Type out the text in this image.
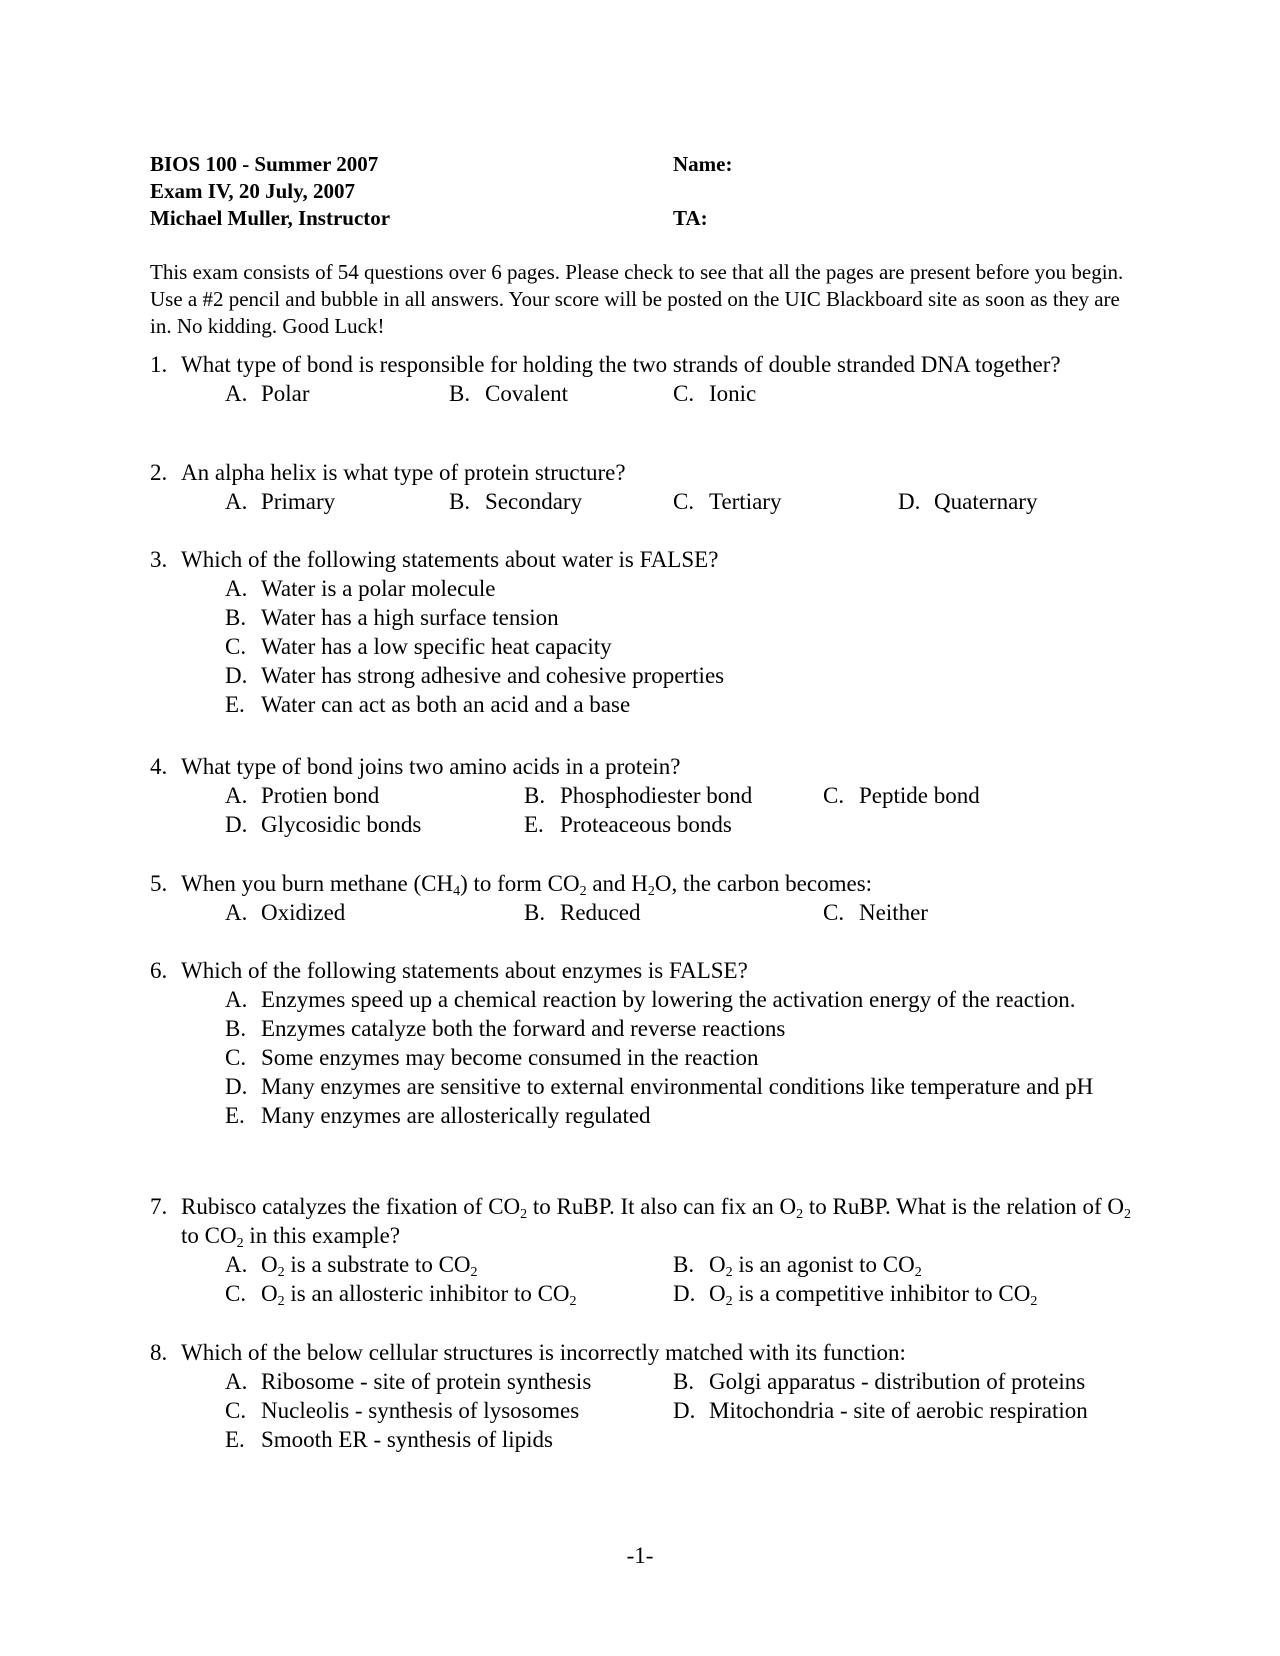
BIOS 100 - Summer 2007
Exam IV, 20 July, 2007
Michael Muller, Instructor
Name:
TA:
This exam consists of 54 questions over 6 pages. Please check to see that all the pages are present before you begin. Use a #2 pencil and bubble in all answers. Your score will be posted on the UIC Blackboard site as soon as they are in. No kidding. Good Luck!
1. What type of bond is responsible for holding the two strands of double stranded DNA together?
A. Polar	B. Covalent	C. Ionic
2. An alpha helix is what type of protein structure?
A. Primary	B. Secondary	C. Tertiary	D. Quaternary
3. Which of the following statements about water is FALSE?
A. Water is a polar molecule
B. Water has a high surface tension
C. Water has a low specific heat capacity
D. Water has strong adhesive and cohesive properties
E. Water can act as both an acid and a base
4. What type of bond joins two amino acids in a protein?
A. Protien bond	B. Phosphodiester bond	C. Peptide bond
D. Glycosidic bonds	E. Proteaceous bonds
5. When you burn methane $(CH_4)$ to form $CO_2$ and $H_2O$, the carbon becomes:
A. Oxidized	B. Reduced	C. Neither
6. Which of the following statements about enzymes is FALSE?
A. Enzymes speed up a chemical reaction by lowering the activation energy of the reaction.
B. Enzymes catalyze both the forward and reverse reactions
C. Some enzymes may become consumed in the reaction
D. Many enzymes are sensitive to external environmental conditions like temperature and pH
E. Many enzymes are allosterically regulated
7. Rubisco catalyzes the fixation of $CO_2$ to RuBP. It also can fix an $O_2$ to RuBP. What is the relation of $O_2$ to $CO_2$ in this example?
A. $O_2$ is a substrate to $CO_2$	B. $O_2$ is an agonist to $CO_2$
C. $O_2$ is an allosteric inhibitor to $CO_2$	D. $O_2$ is a competitive inhibitor to $CO_2$
8. Which of the below cellular structures is incorrectly matched with its function:
A. Ribosome - site of protein synthesis	B. Golgi apparatus - distribution of proteins
C. Nucleolis - synthesis of lysosomes	D. Mitochondria - site of aerobic respiration
E. Smooth ER - synthesis of lipids
-1-
